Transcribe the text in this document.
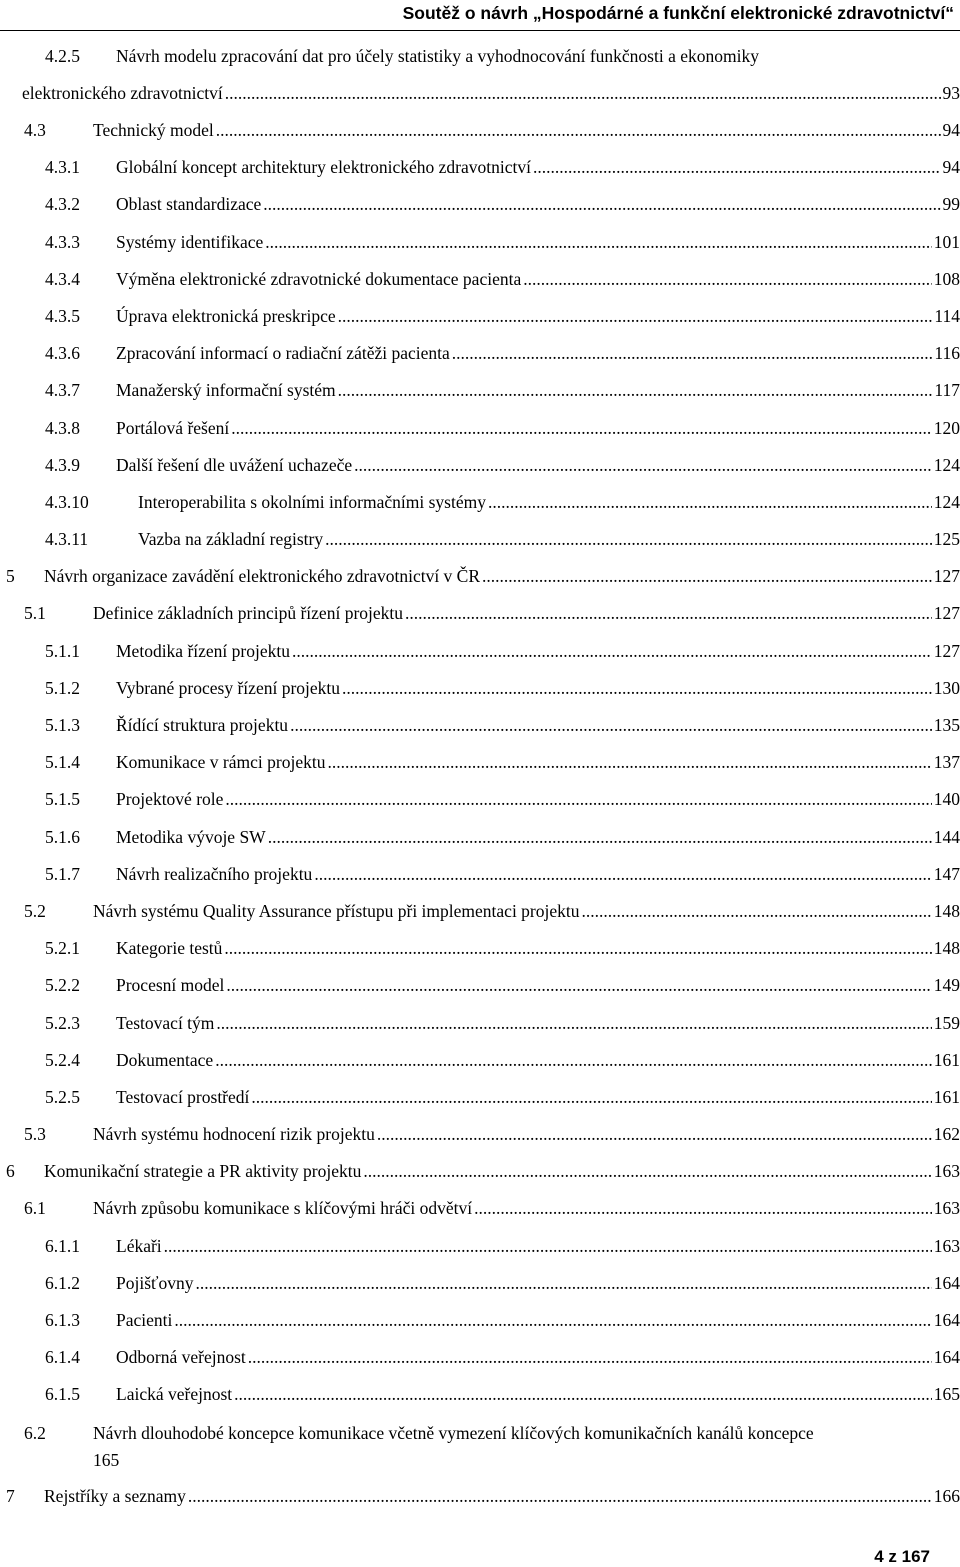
Soutěž o návrh „Hospodárné a funkční elektronické zdravotnictví“
4.2.5 Návrh modelu zpracování dat pro účely statistiky a vyhodnocování funkčnosti a ekonomiky
elektronického zdravotnictví .....	93
4.3	Technický model .....	94
4.3.1 Globální koncept architektury elektronického zdravotnictví .....	94
4.3.2 Oblast standardizace .....	99
4.3.3 Systémy identifikace .....	101
4.3.4 Výměna elektronické zdravotnické dokumentace pacienta .....	108
4.3.5 Úprava elektronická preskripce .....	114
4.3.6 Zpracování informací o radiační zátěži pacienta .....	116
4.3.7 Manažerský informační systém .....	117
4.3.8 Portálová řešení .....	120
4.3.9 Další řešení dle uvážení uchazeče .....	124
4.3.10	Interoperabilita s okolními informačními systémy .....	124
4.3.11	Vazba na základní registry .....	125
5 Návrh organizace zavádění elektronického zdravotnictví v ČR .....	127
5.1	Definice základních principů řízení projektu .....	127
5.1.1 Metodika řízení projektu .....	127
5.1.2 Vybrané procesy řízení projektu .....	130
5.1.3 Řídící struktura projektu .....	135
5.1.4 Komunikace v rámci projektu .....	137
5.1.5 Projektové role .....	140
5.1.6 Metodika vývoje SW .....	144
5.1.7 Návrh realizačního projektu .....	147
5.2	Návrh systému Quality Assurance přístupu při implementaci projektu .....	148
5.2.1 Kategorie testů .....	148
5.2.2 Procesní model .....	149
5.2.3 Testovací tým .....	159
5.2.4 Dokumentace .....	161
5.2.5 Testovací prostředí .....	161
5.3	Návrh systému hodnocení rizik projektu .....	162
6 Komunikační strategie a PR aktivity projektu .....	163
6.1	Návrh způsobu komunikace s klíčovými hráči odvětví .....	163
6.1.1 Lékaři .....	163
6.1.2 Pojišťovny .....	164
6.1.3 Pacienti .....	164
6.1.4 Odborná veřejnost .....	164
6.1.5 Laická veřejnost .....	165
6.2	Návrh dlouhodobé koncepce komunikace včetně vymezení klíčových komunikačních kanálů koncepce
165
7 Rejstříky a seznamy .....	166
4 z 167
